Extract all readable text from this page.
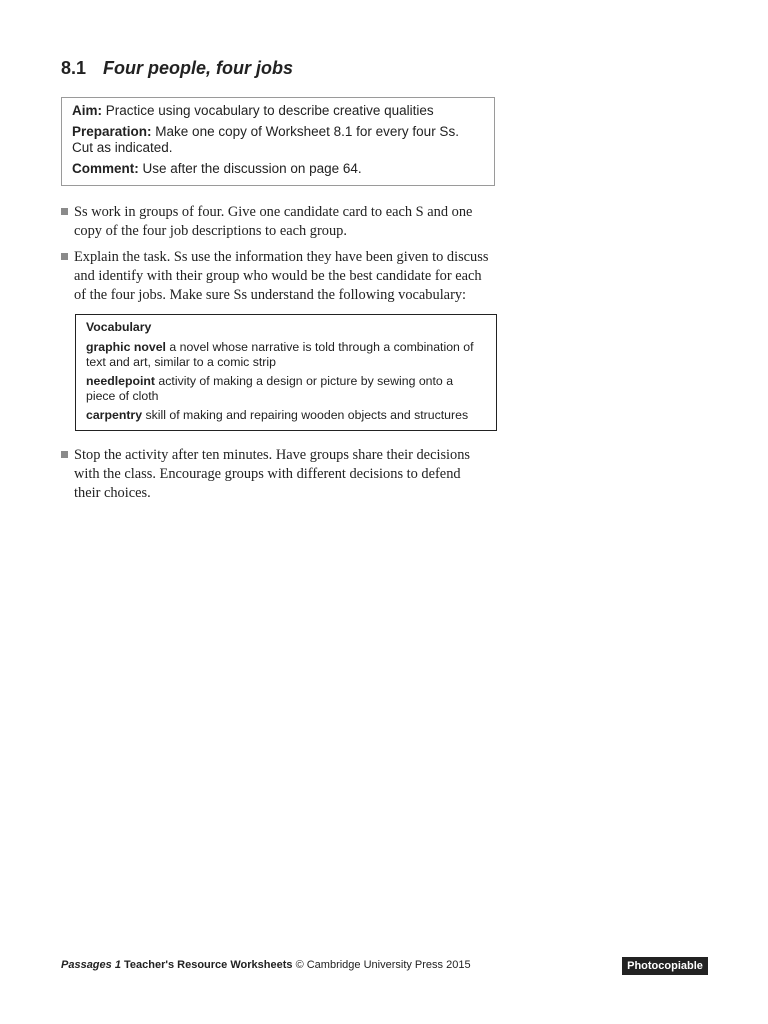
8.1 Four people, four jobs

Aim: Practice using vocabulary to describe creative qualities

Preparation: Make one copy of Worksheet 8.1 for every four Ss.
Cut as indicated.

Comment: Use after the discussion on page 64.

Ss work in groups of four. Give one candidate card to each S and one
copy of the four job descriptions to each group.
Explain the task. Ss use the information they have been given to discuss
and identify with their group who would be the best candidate for each
of the four jobs. Make sure Ss understand the following vocabulary:
Vocabulary
graphic novel a novel whose narrative is told through a combination of
text and art, similar to a comic strip
needlepoint activity of making a design or picture by sewing onto a
piece of cloth
carpentry skill of making and repairing wooden objects and structures
Stop the activity after ten minutes. Have groups share their decisions
with the class. Encourage groups with different decisions to defend
their choices.
Passages 1 Teacher's Resource Worksheets © Cambridge University Press 2015	Photocopiable
